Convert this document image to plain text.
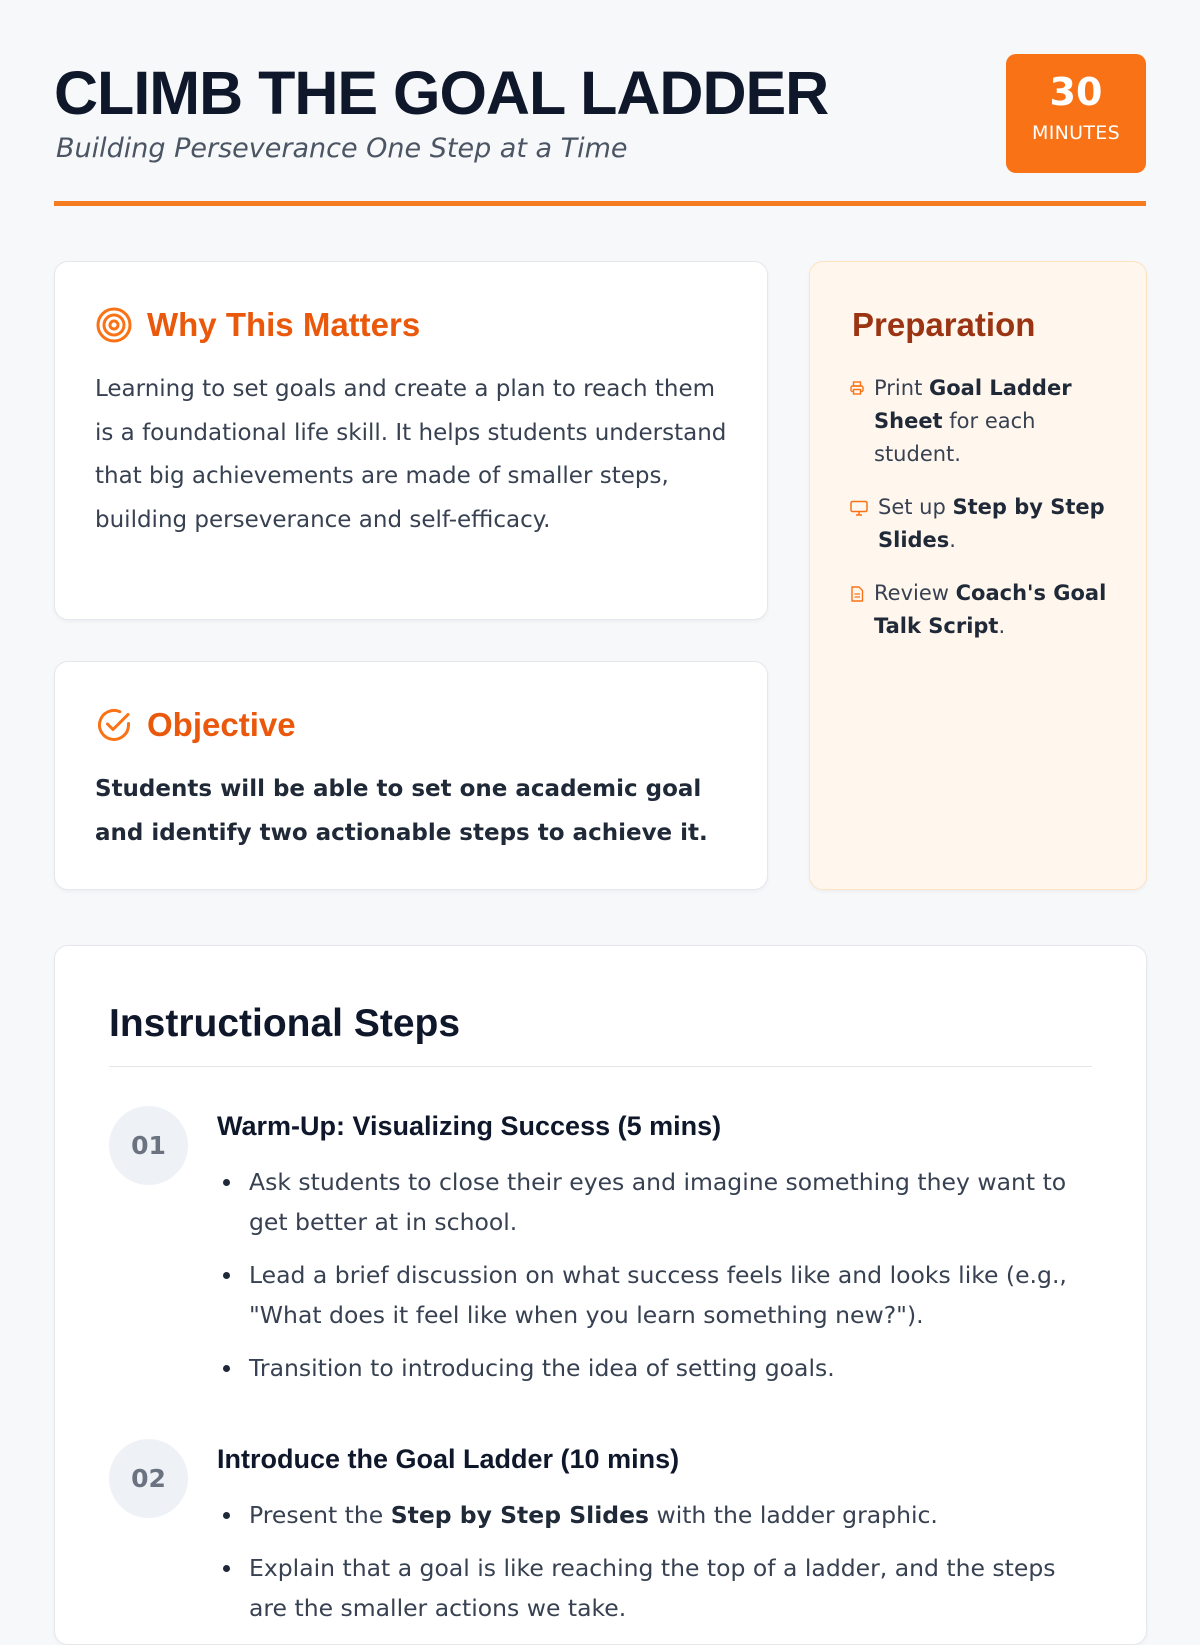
CLIMB THE GOAL LADDER

Building Perseverance One Step at a Time

30
MINUTES
Why This Matters

Learning to set goals and create a plan to reach them is a foundational life skill. It helps students understand that big achievements are made of smaller steps, building perseverance and self-efficacy.

Objective

Students will be able to set one academic goal and identify two actionable steps to achieve it.

Preparation
Print Goal Ladder Sheet for each student.
Set up Step by Step Slides.
Review Coach's Goal Talk Script.
Instructional Steps
01
Warm-Up: Visualizing Success (5 mins)
Ask students to close their eyes and imagine something they want to get better at in school.
Lead a brief discussion on what success feels like and looks like (e.g., "What does it feel like when you learn something new?").
Transition to introducing the idea of setting goals.
02
Introduce the Goal Ladder (10 mins)
Present the Step by Step Slides with the ladder graphic.
Explain that a goal is like reaching the top of a ladder, and the steps are the smaller actions we take.
